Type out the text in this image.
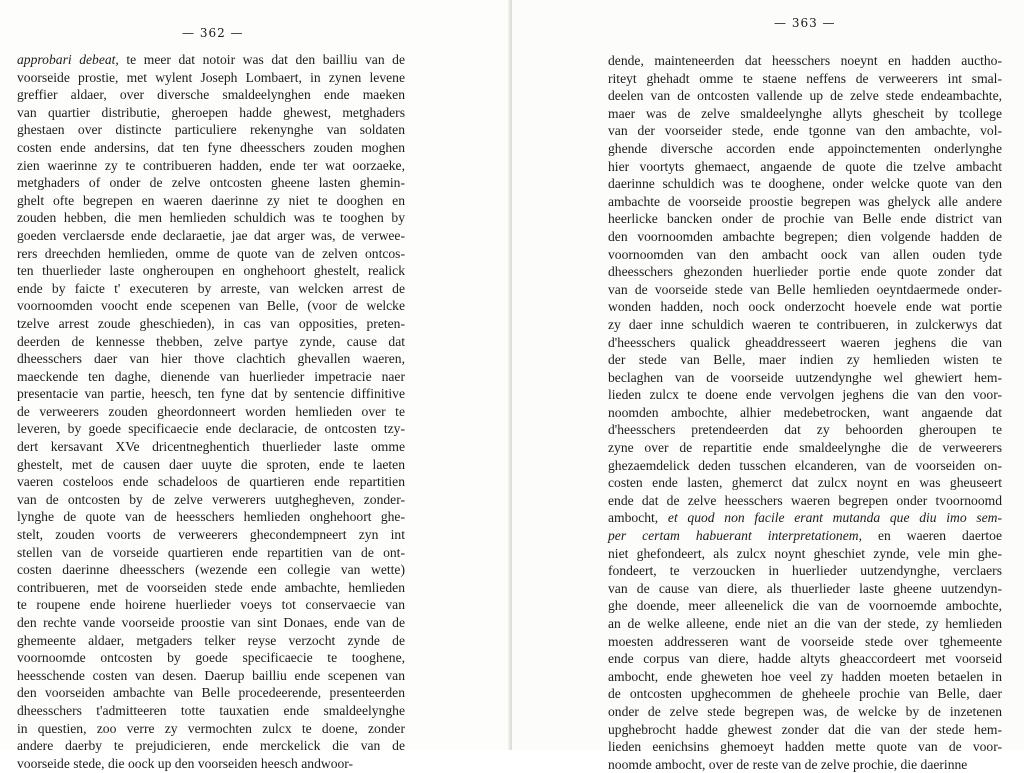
— 362 —
approbari debeat, te meer dat notoir was dat den bailliu van de
voorseide prostie, met wylent Joseph Lombaert, in zynen levene
greffier aldaer, over diversche smaldeelynghen ende maeken
van quartier distributie, gheroepen hadde ghewest, metghaders
ghestaen over distincte particuliere rekenynghe van soldaten
costen ende andersins, dat ten fyne dheesschers zouden moghen
zien waerinne zy te contribueren hadden, ende ter wat oorzaeke,
metghaders of onder de zelve ontcosten gheene lasten ghemin-
ghelt ofte begrepen en waeren daerinne zy niet te dooghen en
zouden hebben, die men hemlieden schuldich was te tooghen by
goeden verclaersde ende declaraetie, jae dat arger was, de verwee-
rers dreechden hemlieden, omme de quote van de zelven ontcos-
ten thuerlieder laste ongheroupen en onghehoort ghestelt, realick
ende by faicte t' executeren by arreste, van welcken arrest de
voornoomden voocht ende scepenen van Belle, (voor de welcke
tzelve arrest zoude gheschieden), in cas van opposities, preten-
deerden de kennesse thebben, zelve partye zynde, cause dat
dheesschers daer van hier thove clachtich ghevallen waeren,
maeckende ten daghe, dienende van huerlieder impetracie naer
presentacie van partie, heesch, ten fyne dat by sentencie diffinitive
de verweerers zouden gheordonneert worden hemlieden over te
leveren, by goede specificaecie ende declaracie, de ontcosten tzy-
dert kersavant XVe dricentneghentich thuerlieder laste omme
ghestelt, met de causen daer uuyte die sproten, ende te laeten
vaeren costeloos ende schadeloos de quartieren ende repartitien
van de ontcosten by de zelve verwerers uutghegheven, zonder-
lynghe de quote van de heesschers hemlieden onghehoort ghe-
stelt, zouden voorts de verweerers ghecondempneert zyn int
stellen van de vorseide quartieren ende repartitien van de ont-
costen daerinne dheesschers (wezende een collegie van wette)
contribueren, met de voorseiden stede ende ambachte, hemlieden
te roupene ende hoirene huerlieder voeys tot conservaecie van
den rechte vande voorseide proostie van sint Donaes, ende van de
ghemeente aldaer, metgaders telker reyse verzocht zynde de
voornoomde ontcosten by goede specificaecie te tooghene,
heesschende costen van desen. Daerup bailliu ende scepenen van
den voorseiden ambachte van Belle procedeerende, presenteerden
dheesschers t'admitteeren totte tauxatien ende smaldeelynghe
in questien, zoo verre zy vermochten zulcx te doene, zonder
andere daerby te prejudicieren, ende merckelick die van de
voorseide stede, die oock up den voorseiden heesch andwoor-
— 363 —
dende, mainteneerden dat heesschers noeynt en hadden auctho-
riteyt ghehadt omme te staene neffens de verweerers int smal-
deelen van de ontcosten vallende up de zelve stede endeambachte,
maer was de zelve smaldeelynghe allyts ghescheit by tcollege
van der voorseider stede, ende tgonne van den ambachte, vol-
ghende diversche accorden ende appoinctementen onderlynghe
hier voortyts ghemaect, angaende de quote die tzelve ambacht
daerinne schuldich was te dooghene, onder welcke quote van den
ambachte de voorseide proostie begrepen was ghelyck alle andere
heerlicke bancken onder de prochie van Belle ende district van
den voornoomden ambachte begrepen; dien volgende hadden de
voornoomden van den ambacht oock van allen ouden tyde
dheesschers ghezonden huerlieder portie ende quote zonder dat
van de voorseide stede van Belle hemlieden oeyntdaermede onder-
wonden hadden, noch oock onderzocht hoevele ende wat portie
zy daer inne schuldich waeren te contribueren, in zulckerwys dat
d'heesschers qualick gheaddresseert waeren jeghens die van
der stede van Belle, maer indien zy hemlieden wisten te
beclaghen van de voorseide uutzendynghe wel ghewiert hem-
lieden zulcx te doene ende vervolgen jeghens die van den voor-
noomden ambochte, alhier medebetrocken, want angaende dat
d'heesschers pretendeerden dat zy behoorden gheroupen te
zyne over de repartitie ende smaldeelynghe die de verweerers
ghezaemdelick deden tusschen elcanderen, van de voorseiden on-
costen ende lasten, ghemerct dat zulcx noynt en was gheuseert
ende dat de zelve heesschers waeren begrepen onder tvoornoomd
ambocht, et quod non facile erant mutanda que diu imo sem-
per certam habuerant interpretationem, en waeren daertoe
niet ghefondeert, als zulcx noynt gheschiet zynde, vele min ghe-
fondeert, te verzoucken in huerlieder uutzendynghe, verclaers
van de cause van diere, als thuerlieder laste gheene uutzendyn-
ghe doende, meer alleenelick die van de voornoemde ambochte,
an de welke alleene, ende niet an die van der stede, zy hemlieden
moesten addresseren want de voorseide stede over tghemeente
ende corpus van diere, hadde altyts gheaccordeert met voorseid
ambocht, ende gheweten hoe veel zy hadden moeten betaelen in
de ontcosten upghecommen de gheheele prochie van Belle, daer
onder de zelve stede begrepen was, de welcke by de inzetenen
upghebrocht hadde ghewest zonder dat die van der stede hem-
lieden eenichsins ghemoeyt hadden mette quote van de voor-
noomde ambocht, over de reste van de zelve prochie, die daerinne
